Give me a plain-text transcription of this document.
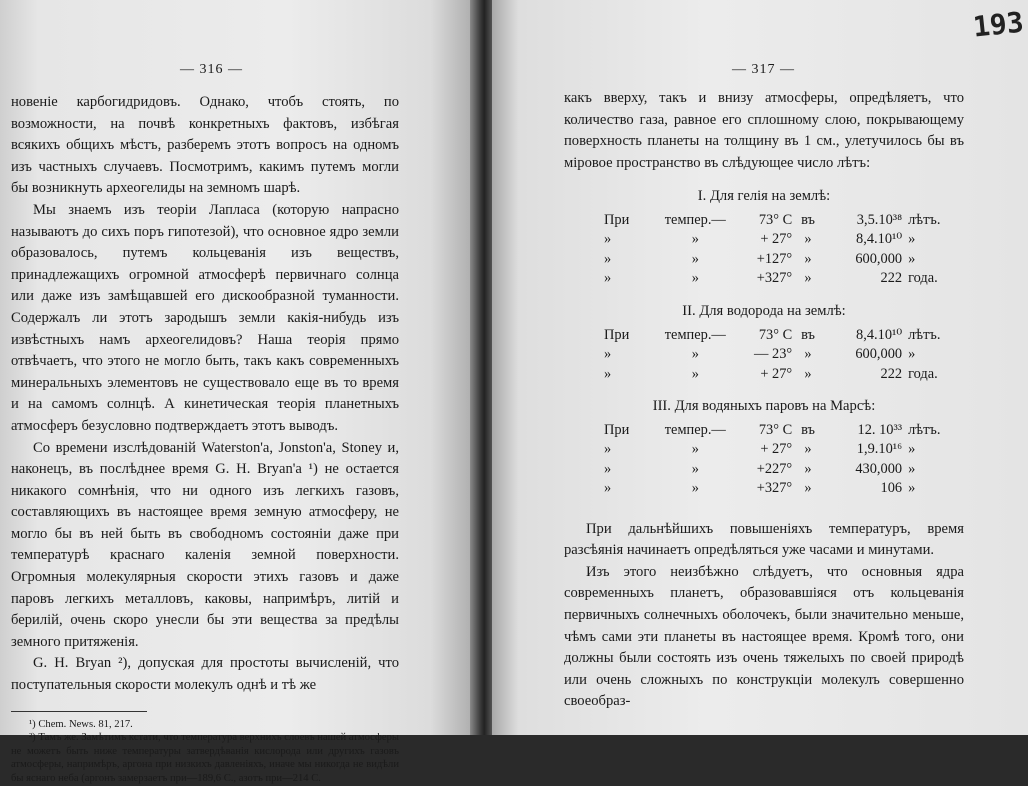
— 316 —

новеніе карбогидридовъ. Однако, чтобъ стоять, по возможности, на почвѣ конкретныхъ фактовъ, избѣгая всякихъ общихъ мѣстъ, разберемъ этотъ вопросъ на одномъ изъ частныхъ случаевъ. Посмотримъ, какимъ путемъ могли бы возникнуть археогелиды на земномъ шарѣ.

Мы знаемъ изъ теоріи Лапласа (которую напрасно называютъ до сихъ поръ гипотезой), что основное ядро земли образовалось, путемъ кольцеванія изъ веществъ, принадлежащихъ огромной атмосферѣ первичнаго солнца или даже изъ замѣщавшей его дискообразной туманности. Содержалъ ли этотъ зародышъ земли какія-нибудь изъ извѣстныхъ намъ археогелидовъ? Наша теорія прямо отвѣчаетъ, что этого не могло быть, такъ какъ современныхъ минеральныхъ элементовъ не существовало еще въ то время и на самомъ солнцѣ. А кинетическая теорія планетныхъ атмосферъ безусловно подтверждаетъ этотъ выводъ.

Со времени изслѣдованій Waterston'a, Jonston'a, Stoney и, наконецъ, въ послѣднее время G. H. Bryan'a ¹) не остается никакого сомнѣнія, что ни одного изъ легкихъ газовъ, составляющихъ въ настоящее время земную атмосферу, не могло бы въ ней быть въ свободномъ состояніи даже при температурѣ краснаго каленія земной поверхности. Огромныя молекулярныя скорости этихъ газовъ и даже паровъ легкихъ металловъ, каковы, напримѣръ, литій и берилій, очень скоро унесли бы эти вещества за предѣлы земного притяженія.

G. H. Bryan ²), допуская для простоты вычисленій, что поступательныя скорости молекулъ однѣ и тѣ же

¹) Chem. News. 81, 217.

²) Тамъ же. Замѣтимъ кстати, что температура верхнихъ слоевъ нашей атмосферы не можетъ быть ниже температуры затвердѣванія кислорода или другихъ газовъ атмосферы, напримѣръ, аргона при низкихъ давленіяхъ, иначе мы никогда не видѣли бы яснаго неба (аргонъ замерзаетъ при—189,6 С., азотъ при—214 С.

193
— 317 —

какъ вверху, такъ и внизу атмосферы, опредѣляетъ, что количество газа, равное его сплошному слою, покрывающему поверхность планеты на толщину въ 1 см., улетучилось бы въ міровое пространство въ слѣдующее число лѣтъ:

I. Для гелія на землѣ:
При	темпер.—	73° С въ	3,5.10³⁸ лѣтъ.
»	»	+ 27° »	8,4.10¹⁰ »
»	»	+127° »	600,000 »
»	»	+327° »	222 года.
II. Для водорода на землѣ:
При	темпер.—	73° С въ	8,4.10¹⁰ лѣтъ.
»	»	— 23° »	600,000 »
»	»	+ 27° »	222 года.
III. Для водяныхъ паровъ на Марсѣ:
При	темпер.—	73° С въ	12. 10³³ лѣтъ.
»	»	+ 27° »	1,9.10¹⁶ »
»	»	+227° »	430,000 »
»	»	+327° »	106 »

При дальнѣйшихъ повышеніяхъ температуръ, время разсѣянія начинаетъ опредѣляться уже часами и минутами.

Изъ этого неизбѣжно слѣдуетъ, что основныя ядра современныхъ планетъ, образовавшіяся отъ кольцеванія первичныхъ солнечныхъ оболочекъ, были значительно меньше, чѣмъ сами эти планеты въ настоящее время. Кромѣ того, они должны были состоять изъ очень тяжелыхъ по своей природѣ или очень сложныхъ по конструкціи молекулъ совершенно своеобраз-
